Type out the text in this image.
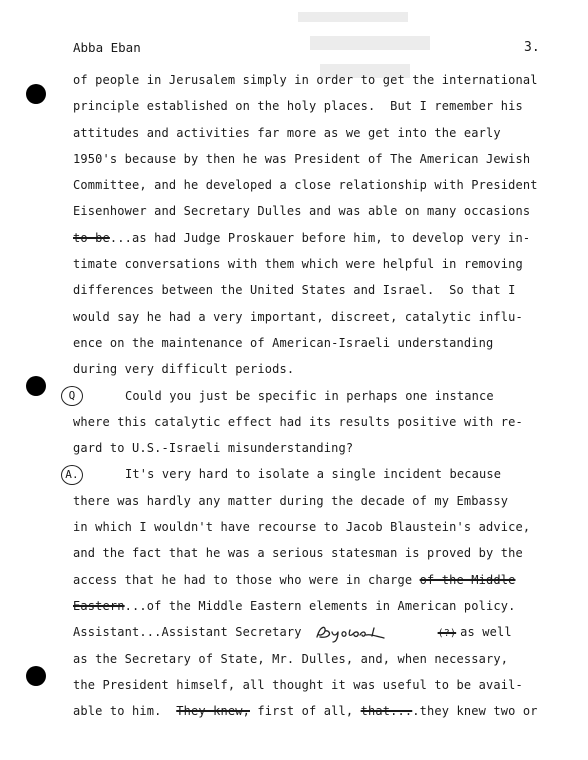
Abba Eban	3.
of people in Jerusalem simply in order to get the international
principle established on the holy places.  But I remember his
attitudes and activities far more as we get into the early
1950's because by then he was President of The American Jewish
Committee, and he developed a close relationship with President
Eisenhower and Secretary Dulles and was able on many occasions
to be...as had Judge Proskauer before him, to develop very in-
timate conversations with them which were helpful in removing
differences between the United States and Israel.  So that I
would say he had a very important, discreet, catalytic influ-
ence on the maintenance of American-Israeli understanding
during very difficult periods.
Q	Could you just be specific in perhaps one instance
where this catalytic effect had its results positive with re-
gard to U.S.-Israeli misunderstanding?
A.	It's very hard to isolate a single incident because
there was hardly any matter during the decade of my Embassy
in which I wouldn't have recourse to Jacob Blaustein's advice,
and the fact that he was a serious statesman is proved by the
access that he had to those who were in charge of the Middle
Eastern...of the Middle Eastern elements in American policy.
Assistant...Assistant Secretary	(?) as well
as the Secretary of State, Mr. Dulles, and, when necessary,
the President himself, all thought it was useful to be avail-
able to him.  They knew, first of all, that....they knew two or
